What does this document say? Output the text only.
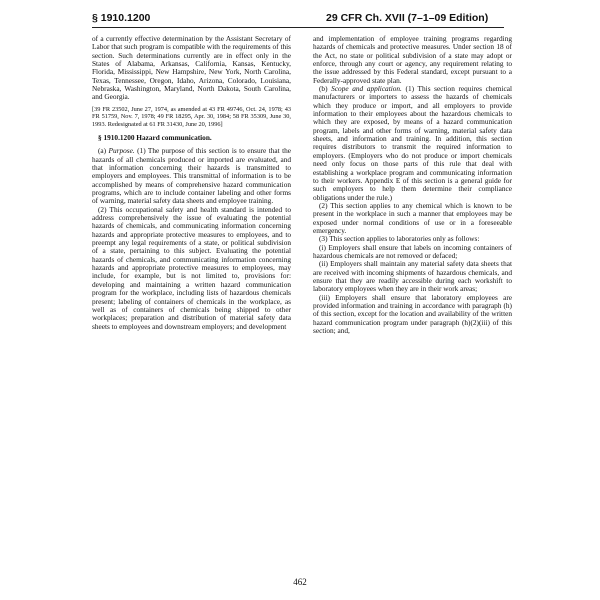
§ 1910.1200	29 CFR Ch. XVII (7–1–09 Edition)

of a currently effective determination by the Assistant Secretary of Labor that such program is compatible with the requirements of this section. Such determinations currently are in effect only in the States of Alabama, Arkansas, California, Kansas, Kentucky, Florida, Mississippi, New Hampshire, New York, North Carolina, Texas, Tennessee, Oregon, Idaho, Arizona, Colorado, Louisiana, Nebraska, Washington, Maryland, North Dakota, South Carolina, and Georgia.

[39 FR 23502, June 27, 1974, as amended at 43 FR 49746, Oct. 24, 1978; 43 FR 51759, Nov. 7, 1978; 49 FR 18295, Apr. 30, 1984; 58 FR 35309, June 30, 1993. Redesignated at 61 FR 31430, June 20, 1996]

§ 1910.1200 Hazard communication.

(a) Purpose. (1) The purpose of this section is to ensure that the hazards of all chemicals produced or imported are evaluated, and that information concerning their hazards is transmitted to employers and employees. This transmittal of information is to be accomplished by means of comprehensive hazard communication programs, which are to include container labeling and other forms of warning, material safety data sheets and employee training.

(2) This occupational safety and health standard is intended to address comprehensively the issue of evaluating the potential hazards of chemicals, and communicating information concerning hazards and appropriate protective measures to employees, and to preempt any legal requirements of a state, or political subdivision of a state, pertaining to this subject. Evaluating the potential hazards of chemicals, and communicating information concerning hazards and appropriate protective measures to employees, may include, for example, but is not limited to, provisions for: developing and maintaining a written hazard communication program for the workplace, including lists of hazardous chemicals present; labeling of containers of chemicals in the workplace, as well as of containers of chemicals being shipped to other workplaces; preparation and distribution of material safety data sheets to employees and downstream employers; and development

and implementation of employee training programs regarding hazards of chemicals and protective measures. Under section 18 of the Act, no state or political subdivision of a state may adopt or enforce, through any court or agency, any requirement relating to the issue addressed by this Federal standard, except pursuant to a Federally-approved state plan.

(b) Scope and application. (1) This section requires chemical manufacturers or importers to assess the hazards of chemicals which they produce or import, and all employers to provide information to their employees about the hazardous chemicals to which they are exposed, by means of a hazard communication program, labels and other forms of warning, material safety data sheets, and information and training. In addition, this section requires distributors to transmit the required information to employers. (Employers who do not produce or import chemicals need only focus on those parts of this rule that deal with establishing a workplace program and communicating information to their workers. Appendix E of this section is a general guide for such employers to help them determine their compliance obligations under the rule.)

(2) This section applies to any chemical which is known to be present in the workplace in such a manner that employees may be exposed under normal conditions of use or in a foreseeable emergency.

(3) This section applies to laboratories only as follows:

(i) Employers shall ensure that labels on incoming containers of hazardous chemicals are not removed or defaced;

(ii) Employers shall maintain any material safety data sheets that are received with incoming shipments of hazardous chemicals, and ensure that they are readily accessible during each workshift to laboratory employees when they are in their work areas;

(iii) Employers shall ensure that laboratory employees are provided information and training in accordance with paragraph (h) of this section, except for the location and availability of the written hazard communication program under paragraph (h)(2)(iii) of this section; and,

462
